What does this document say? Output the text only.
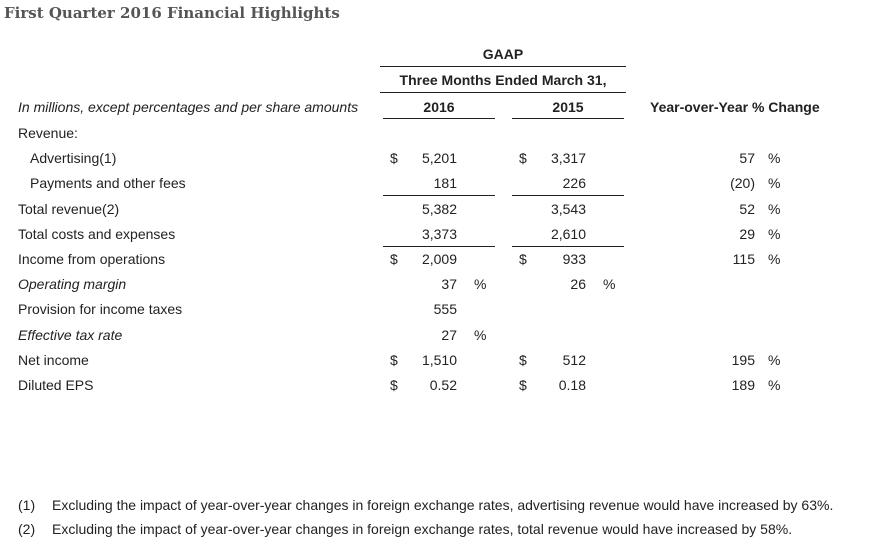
First Quarter 2016 Financial Highlights
GAAP
Three Months Ended March 31,
In millions, except percentages and per share amounts	2016	2015	Year-over-Year % Change
Revenue:
Advertising(1)	$	5,201	$	3,317	57 %
Payments and other fees	181	226	(20) %
Total revenue(2)	5,382	3,543	52 %
Total costs and expenses	3,373	2,610	29 %
Income from operations	$	2,009	$	933	115 %
Operating margin	37 %	26 %
Provision for income taxes	555
Effective tax rate	27 %
Net income	$	1,510	$	512	195 %
Diluted EPS	$	0.52	$	0.18	189 %
(1) Excluding the impact of year-over-year changes in foreign exchange rates, advertising revenue would have increased by 63%.
(2) Excluding the impact of year-over-year changes in foreign exchange rates, total revenue would have increased by 58%.
